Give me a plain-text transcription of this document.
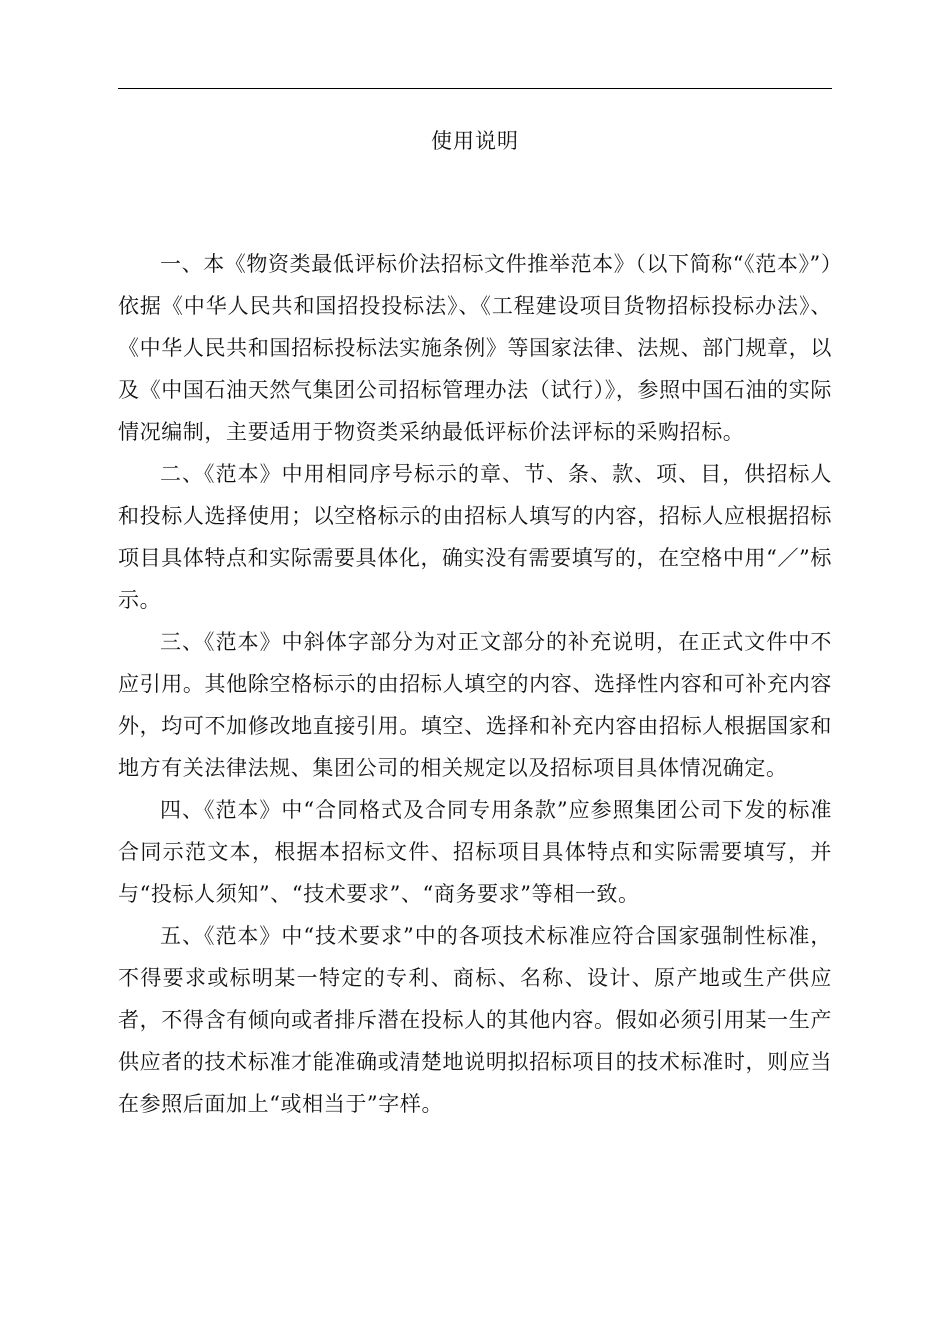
使用说明

一、本《物资类最低评标价法招标文件推举范本》（以下简称“《范本》”）依据《中华人民共和国招投投标法》、《工程建设项目货物招标投标办法》、《中华人民共和国招标投标法实施条例》等国家法律、法规、部门规章，以及《中国石油天然气集团公司招标管理办法（试行）》，参照中国石油的实际情况编制，主要适用于物资类采纳最低评标价法评标的采购招标。

二、《范本》中用相同序号标示的章、节、条、款、项、目，供招标人和投标人选择使用；以空格标示的由招标人填写的内容，招标人应根据招标项目具体特点和实际需要具体化，确实没有需要填写的，在空格中用“／”标示。

三、《范本》中斜体字部分为对正文部分的补充说明，在正式文件中不应引用。其他除空格标示的由招标人填空的内容、选择性内容和可补充内容外，均可不加修改地直接引用。填空、选择和补充内容由招标人根据国家和地方有关法律法规、集团公司的相关规定以及招标项目具体情况确定。

四、《范本》中“合同格式及合同专用条款”应参照集团公司下发的标准合同示范文本，根据本招标文件、招标项目具体特点和实际需要填写，并与“投标人须知”、“技术要求”、“商务要求”等相一致。

五、《范本》中“技术要求”中的各项技术标准应符合国家强制性标准，不得要求或标明某一特定的专利、商标、名称、设计、原产地或生产供应者，不得含有倾向或者排斥潜在投标人的其他内容。假如必须引用某一生产供应者的技术标准才能准确或清楚地说明拟招标项目的技术标准时，则应当在参照后面加上“或相当于”字样。
